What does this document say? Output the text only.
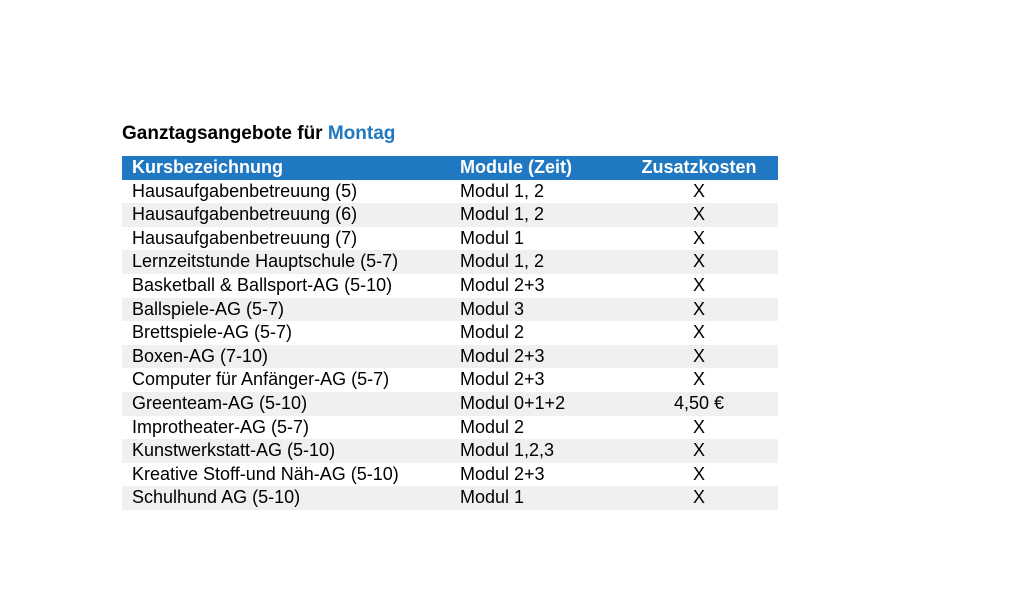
Ganztagsangebote für Montag
Kursbezeichnung	Module (Zeit)	Zusatzkosten
Hausaufgabenbetreuung (5)	Modul 1, 2	X
Hausaufgabenbetreuung (6)	Modul 1, 2	X
Hausaufgabenbetreuung (7)	Modul 1	X
Lernzeitstunde Hauptschule (5-7)	Modul 1, 2	X
Basketball & Ballsport-AG (5-10)	Modul 2+3	X
Ballspiele-AG (5-7)	Modul 3	X
Brettspiele-AG (5-7)	Modul 2	X
Boxen-AG (7-10)	Modul 2+3	X
Computer für Anfänger-AG (5-7)	Modul 2+3	X
Greenteam-AG (5-10)	Modul 0+1+2	4,50 €
Improtheater-AG (5-7)	Modul 2	X
Kunstwerkstatt-AG (5-10)	Modul 1,2,3	X
Kreative Stoff-und Näh-AG (5-10)	Modul 2+3	X
Schulhund AG (5-10)	Modul 1	X
